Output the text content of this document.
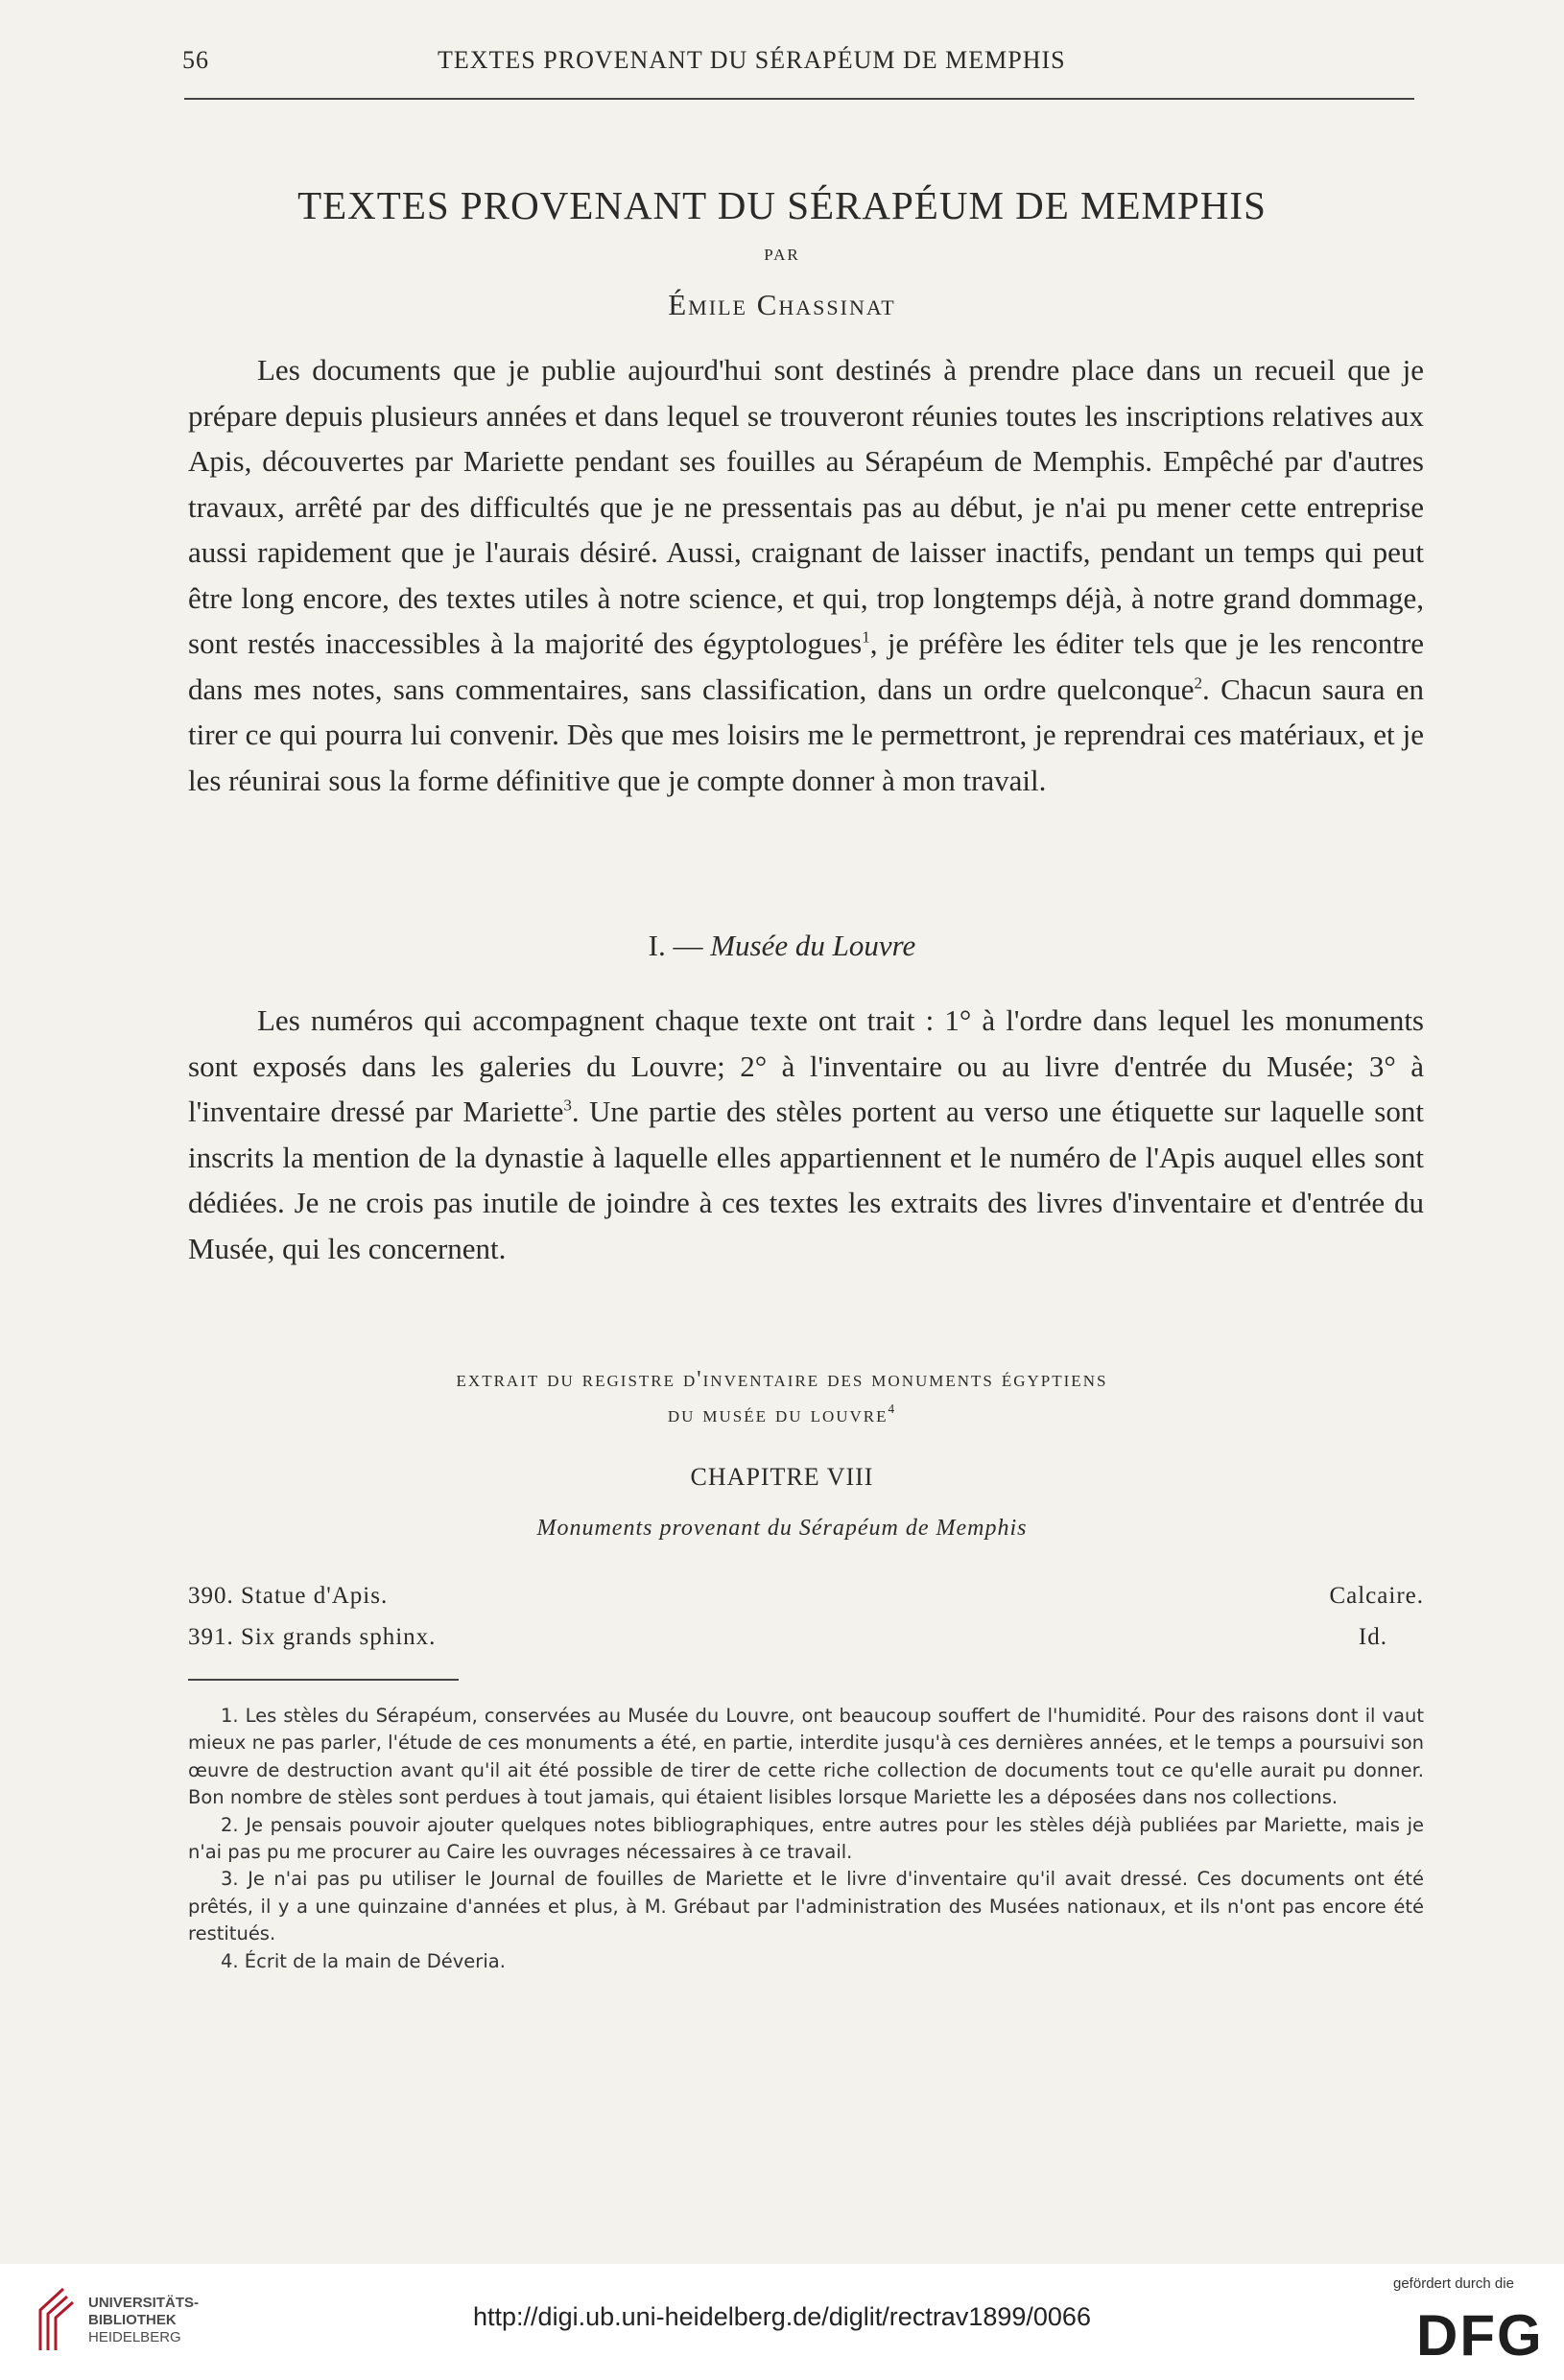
56	TEXTES PROVENANT DU SÉRAPÉUM DE MEMPHIS
TEXTES PROVENANT DU SÉRAPÉUM DE MEMPHIS
PAR
Émile Chassinat

Les documents que je publie aujourd'hui sont destinés à prendre place dans un recueil que je prépare depuis plusieurs années et dans lequel se trouveront réunies toutes les inscriptions relatives aux Apis, découvertes par Mariette pendant ses fouilles au Sérapéum de Memphis. Empêché par d'autres travaux, arrêté par des difficultés que je ne pressentais pas au début, je n'ai pu mener cette entreprise aussi rapidement que je l'aurais désiré. Aussi, craignant de laisser inactifs, pendant un temps qui peut être long encore, des textes utiles à notre science, et qui, trop longtemps déjà, à notre grand dommage, sont restés inaccessibles à la majorité des égyptologues$^1$, je préfère les éditer tels que je les rencontre dans mes notes, sans commentaires, sans classification, dans un ordre quelconque$^2$. Chacun saura en tirer ce qui pourra lui convenir. Dès que mes loisirs me le permettront, je reprendrai ces matériaux, et je les réunirai sous la forme définitive que je compte donner à mon travail.

I. — Musée du Louvre

Les numéros qui accompagnent chaque texte ont trait : 1° à l'ordre dans lequel les monuments sont exposés dans les galeries du Louvre; 2° à l'inventaire ou au livre d'entrée du Musée; 3° à l'inventaire dressé par Mariette$^3$. Une partie des stèles portent au verso une étiquette sur laquelle sont inscrits la mention de la dynastie à laquelle elles appartiennent et le numéro de l'Apis auquel elles sont dédiées. Je ne crois pas inutile de joindre à ces textes les extraits des livres d'inventaire et d'entrée du Musée, qui les concernent.

extrait du registre d'inventaire des monuments égyptiens
du musée du louvre$^4$
CHAPITRE VIII
Monuments provenant du Sérapéum de Memphis
390. Statue d'Apis.	Calcaire.
391. Six grands sphinx.	Id.

1. Les stèles du Sérapéum, conservées au Musée du Louvre, ont beaucoup souffert de l'humidité. Pour des raisons dont il vaut mieux ne pas parler, l'étude de ces monuments a été, en partie, interdite jusqu'à ces dernières années, et le temps a poursuivi son œuvre de destruction avant qu'il ait été possible de tirer de cette riche collection de documents tout ce qu'elle aurait pu donner. Bon nombre de stèles sont perdues à tout jamais, qui étaient lisibles lorsque Mariette les a déposées dans nos collections.

2. Je pensais pouvoir ajouter quelques notes bibliographiques, entre autres pour les stèles déjà publiées par Mariette, mais je n'ai pas pu me procurer au Caire les ouvrages nécessaires à ce travail.

3. Je n'ai pas pu utiliser le Journal de fouilles de Mariette et le livre d'inventaire qu'il avait dressé. Ces documents ont été prêtés, il y a une quinzaine d'années et plus, à M. Grébaut par l'administration des Musées nationaux, et ils n'ont pas encore été restitués.

4. Écrit de la main de Déveria.

UNIVERSITÄTS-
BIBLIOTHEK
HEIDELBERG
http://digi.ub.uni-heidelberg.de/diglit/rectrav1899/0066
gefördert durch die
DFG
